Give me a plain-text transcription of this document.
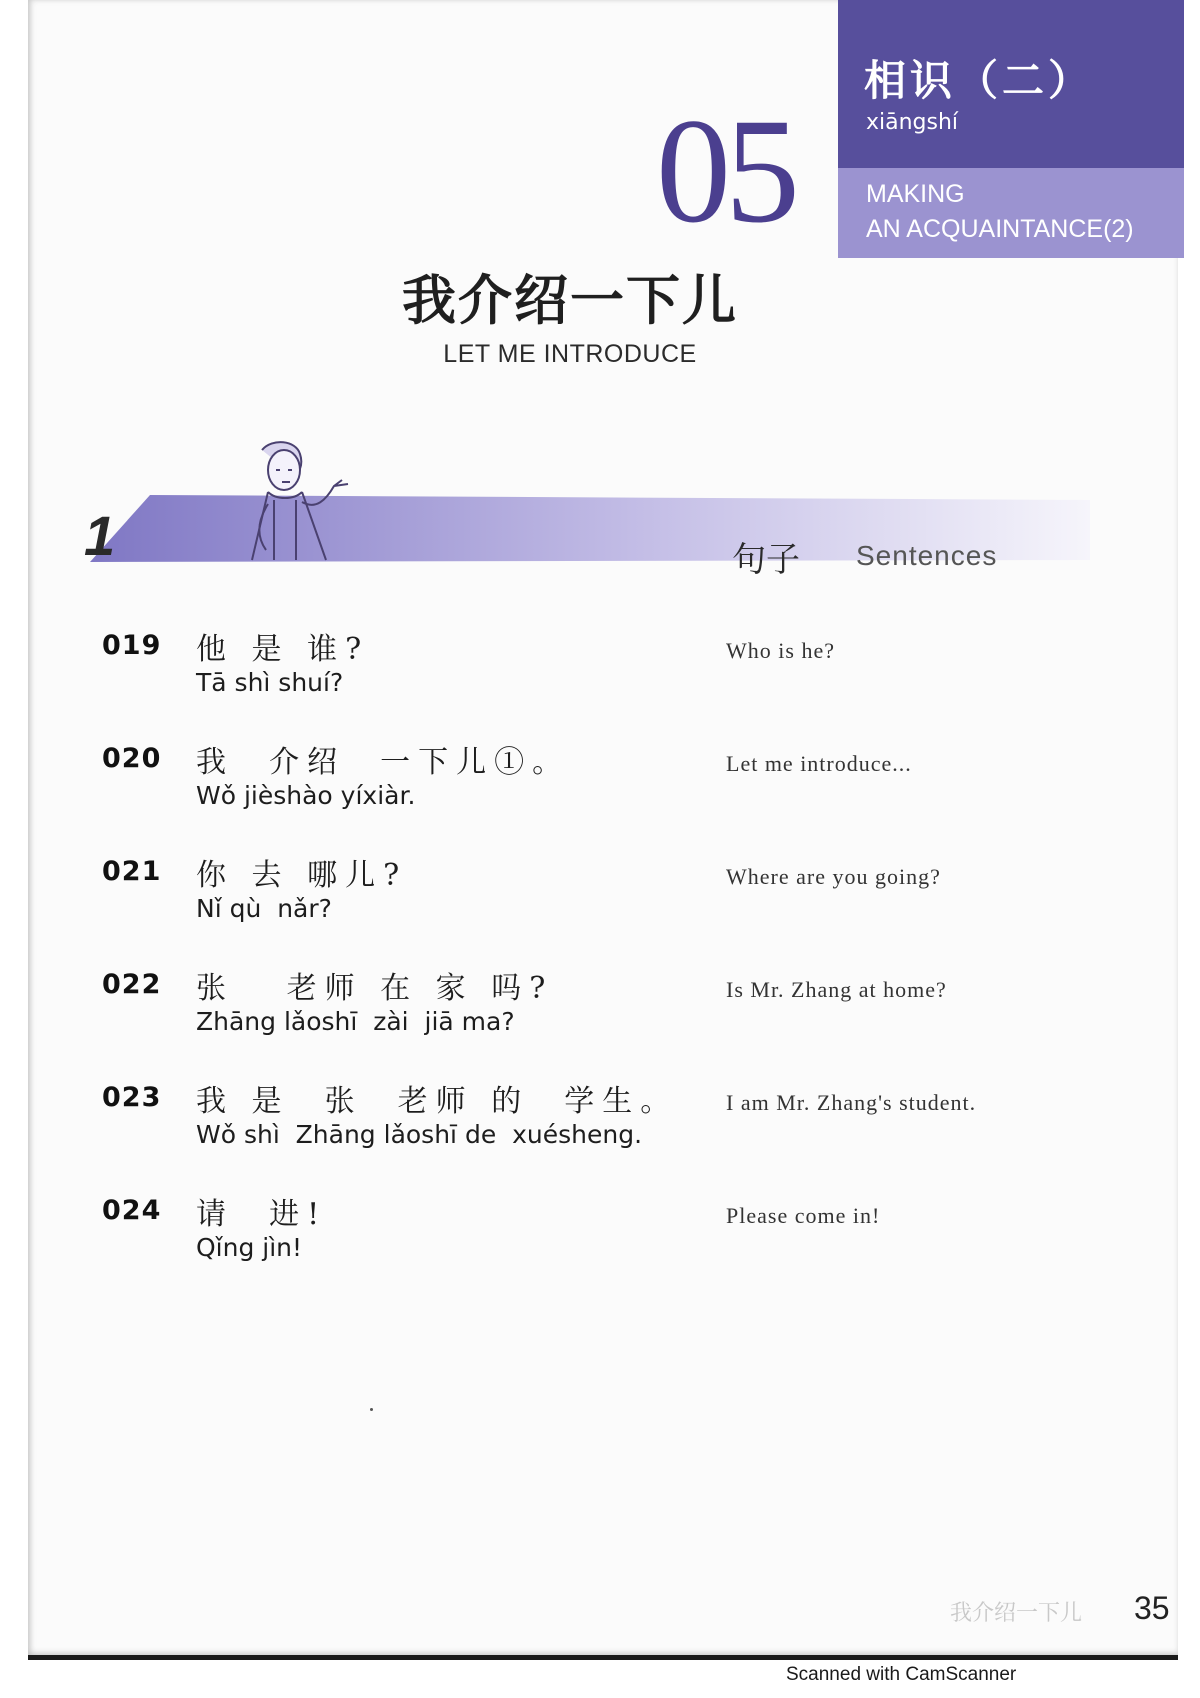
相识（二）
xiāngshí
MAKING
AN ACQUAINTANCE(2)
05
我介绍一下儿
LET ME INTRODUCE
1	句子 Sentences
019 他 是 谁?
Tā shì shuí?
Who is he?
020 我  介绍  一下儿①。
Wǒ jièshào yíxiàr.
Let me introduce...
021 你 去 哪儿?
Nǐ qù  nǎr?
Where are you going?
022 张   老师 在 家 吗?
Zhāng lǎoshī  zài  jiā ma?
Is Mr. Zhang at home?
023 我 是  张  老师 的  学生。
Wǒ shì  Zhāng lǎoshī de  xuésheng.
I am Mr. Zhang's student.
024 请  进!
Qǐng jìn!
Please come in!
我介绍一下儿 35
Scanned with CamScanner
